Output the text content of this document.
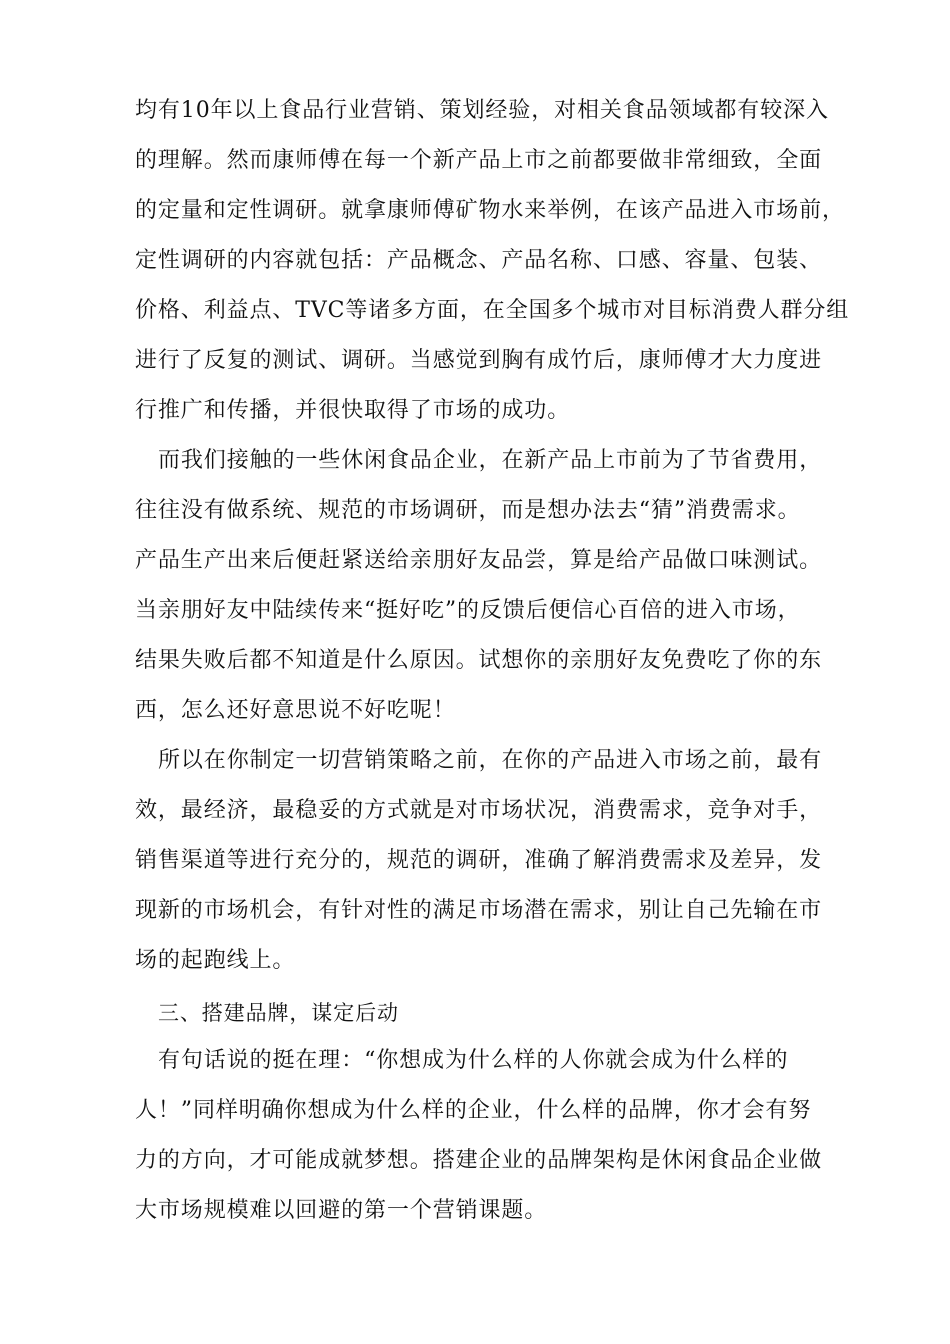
均有10年以上食品行业营销、策划经验，对相关食品领域都有较深入
的理解。然而康师傅在每一个新产品上市之前都要做非常细致，全面
的定量和定性调研。就拿康师傅矿物水来举例，在该产品进入市场前，
定性调研的内容就包括：产品概念、产品名称、口感、容量、包装、
价格、利益点、TVC等诸多方面，在全国多个城市对目标消费人群分组
进行了反复的测试、调研。当感觉到胸有成竹后，康师傅才大力度进
行推广和传播，并很快取得了市场的成功。
而我们接触的一些休闲食品企业，在新产品上市前为了节省费用，
往往没有做系统、规范的市场调研，而是想办法去“猜”消费需求。
产品生产出来后便赶紧送给亲朋好友品尝，算是给产品做口味测试。
当亲朋好友中陆续传来“挺好吃”的反馈后便信心百倍的进入市场，
结果失败后都不知道是什么原因。试想你的亲朋好友免费吃了你的东
西，怎么还好意思说不好吃呢！
所以在你制定一切营销策略之前，在你的产品进入市场之前，最有
效，最经济，最稳妥的方式就是对市场状况，消费需求，竞争对手，
销售渠道等进行充分的，规范的调研，准确了解消费需求及差异，发
现新的市场机会，有针对性的满足市场潜在需求，别让自己先输在市
场的起跑线上。
三、搭建品牌，谋定后动
有句话说的挺在理：“你想成为什么样的人你就会成为什么样的
人！”同样明确你想成为什么样的企业，什么样的品牌，你才会有努
力的方向，才可能成就梦想。搭建企业的品牌架构是休闲食品企业做
大市场规模难以回避的第一个营销课题。
